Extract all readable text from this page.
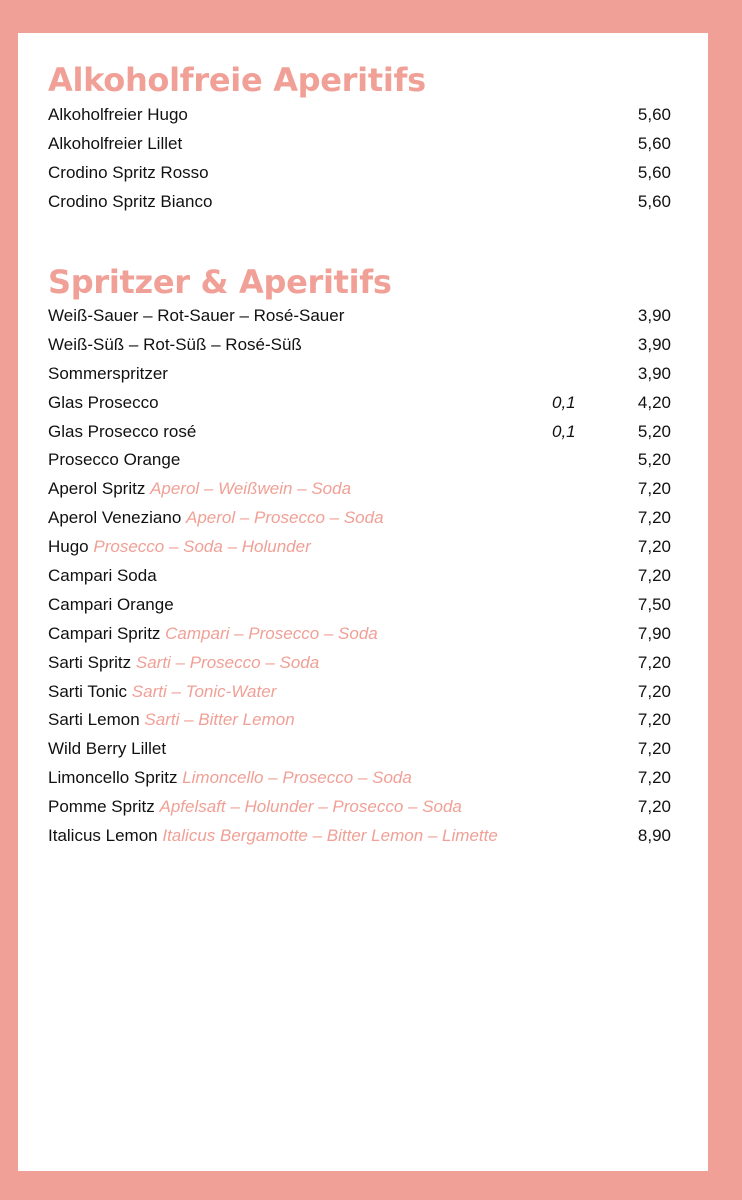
Alkoholfreie Aperitifs
Alkoholfreier Hugo	5,60
Alkoholfreier Lillet	5,60
Crodino Spritz Rosso	5,60
Crodino Spritz Bianco	5,60
Spritzer & Aperitifs
Weiß-Sauer – Rot-Sauer – Rosé-Sauer	3,90
Weiß-Süß – Rot-Süß – Rosé-Süß	3,90
Sommerspritzer	3,90
Glas Prosecco	0,1	4,20
Glas Prosecco rosé	0,1	5,20
Prosecco Orange	5,20
Aperol Spritz Aperol – Weißwein – Soda	7,20
Aperol Veneziano Aperol – Prosecco – Soda	7,20
Hugo Prosecco – Soda – Holunder	7,20
Campari Soda	7,20
Campari Orange	7,50
Campari Spritz Campari – Prosecco – Soda	7,90
Sarti Spritz Sarti – Prosecco – Soda	7,20
Sarti Tonic Sarti – Tonic-Water	7,20
Sarti Lemon Sarti – Bitter Lemon	7,20
Wild Berry Lillet	7,20
Limoncello Spritz Limoncello – Prosecco – Soda	7,20
Pomme Spritz Apfelsaft – Holunder – Prosecco – Soda	7,20
Italicus Lemon Italicus Bergamotte – Bitter Lemon – Limette	8,90
